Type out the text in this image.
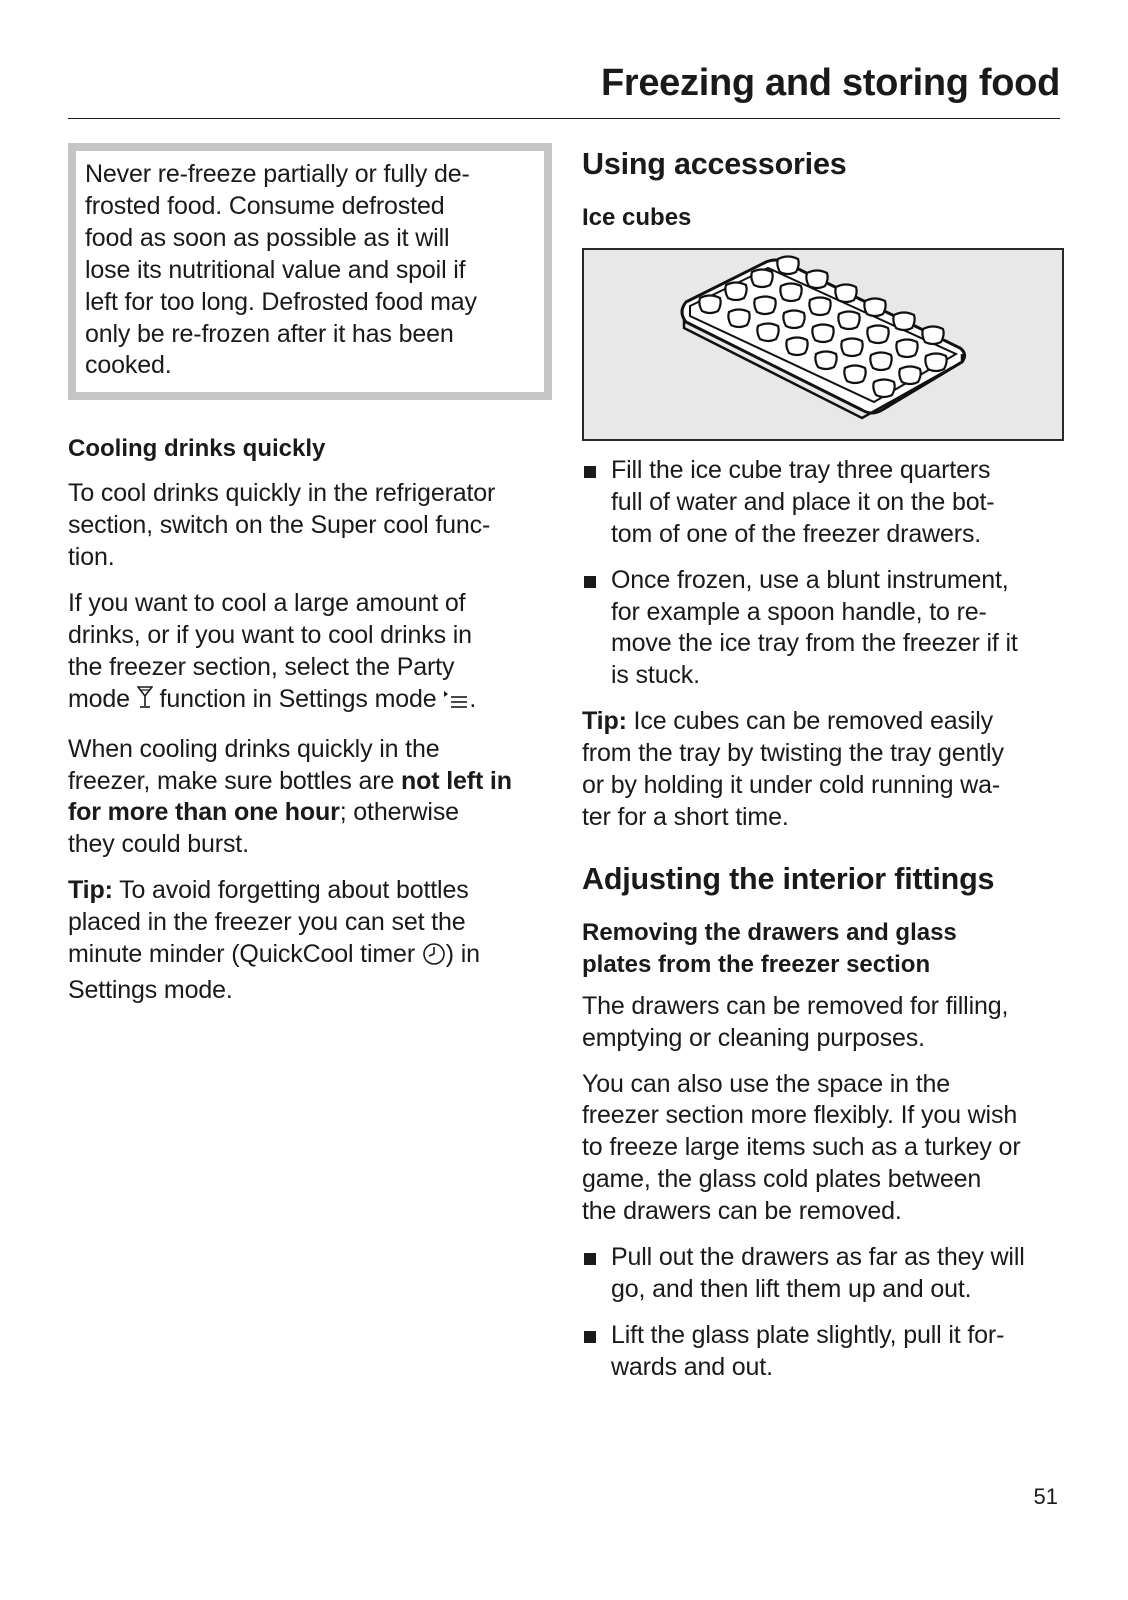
Freezing and storing food

Never re-freeze partially or fully de-
frosted food. Consume defrosted
food as soon as possible as it will
lose its nutritional value and spoil if
left for too long. Defrosted food may
only be re-frozen after it has been
cooked.

Cooling drinks quickly

To cool drinks quickly in the refrigerator
section, switch on the Super cool func-
tion.

If you want to cool a large amount of
drinks, or if you want to cool drinks in
the freezer section, select the Party
mode  function in Settings mode .

When cooling drinks quickly in the
freezer, make sure bottles are not left in
for more than one hour; otherwise
they could burst.

Tip: To avoid forgetting about bottles
placed in the freezer you can set the
minute minder (QuickCool timer ) in
Settings mode.

Using accessories
Ice cubes
Fill the ice cube tray three quarters
full of water and place it on the bot-
tom of one of the freezer drawers.
Once frozen, use a blunt instrument,
for example a spoon handle, to re-
move the ice tray from the freezer if it
is stuck.

Tip: Ice cubes can be removed easily
from the tray by twisting the tray gently
or by holding it under cold running wa-
ter for a short time.

Adjusting the interior fittings
Removing the drawers and glass
plates from the freezer section

The drawers can be removed for filling,
emptying or cleaning purposes.

You can also use the space in the
freezer section more flexibly. If you wish
to freeze large items such as a turkey or
game, the glass cold plates between
the drawers can be removed.

Pull out the drawers as far as they will
go, and then lift them up and out.
Lift the glass plate slightly, pull it for-
wards and out.
51
